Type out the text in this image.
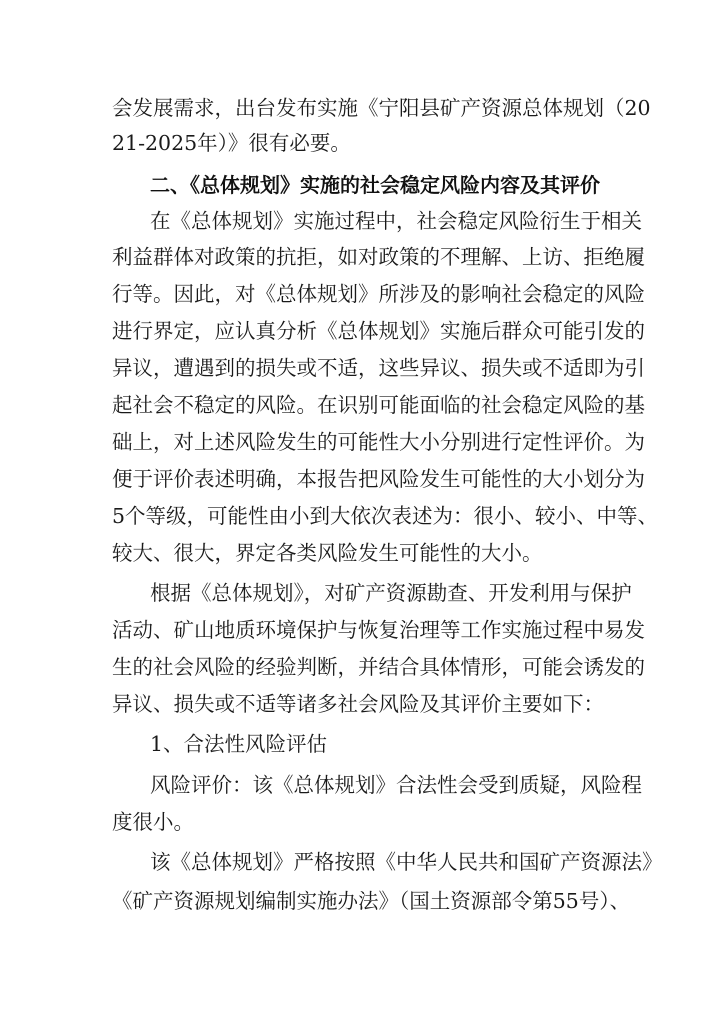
会发展需求，出台发布实施《宁阳县矿产资源总体规划（20
21-2025年）》很有必要。
二、《总体规划》实施的社会稳定风险内容及其评价
在《总体规划》实施过程中，社会稳定风险衍生于相关
利益群体对政策的抗拒，如对政策的不理解、上访、拒绝履
行等。因此，对《总体规划》所涉及的影响社会稳定的风险
进行界定，应认真分析《总体规划》实施后群众可能引发的
异议，遭遇到的损失或不适，这些异议、损失或不适即为引
起社会不稳定的风险。在识别可能面临的社会稳定风险的基
础上，对上述风险发生的可能性大小分别进行定性评价。为
便于评价表述明确，本报告把风险发生可能性的大小划分为
5个等级，可能性由小到大依次表述为：很小、较小、中等、
较大、很大，界定各类风险发生可能性的大小。
根据《总体规划》，对矿产资源勘查、开发利用与保护
活动、矿山地质环境保护与恢复治理等工作实施过程中易发
生的社会风险的经验判断，并结合具体情形，可能会诱发的
异议、损失或不适等诸多社会风险及其评价主要如下：
1、合法性风险评估
风险评价：该《总体规划》合法性会受到质疑，风险程
度很小。
该《总体规划》严格按照《中华人民共和国矿产资源法》
《矿产资源规划编制实施办法》（国土资源部令第55号）、
